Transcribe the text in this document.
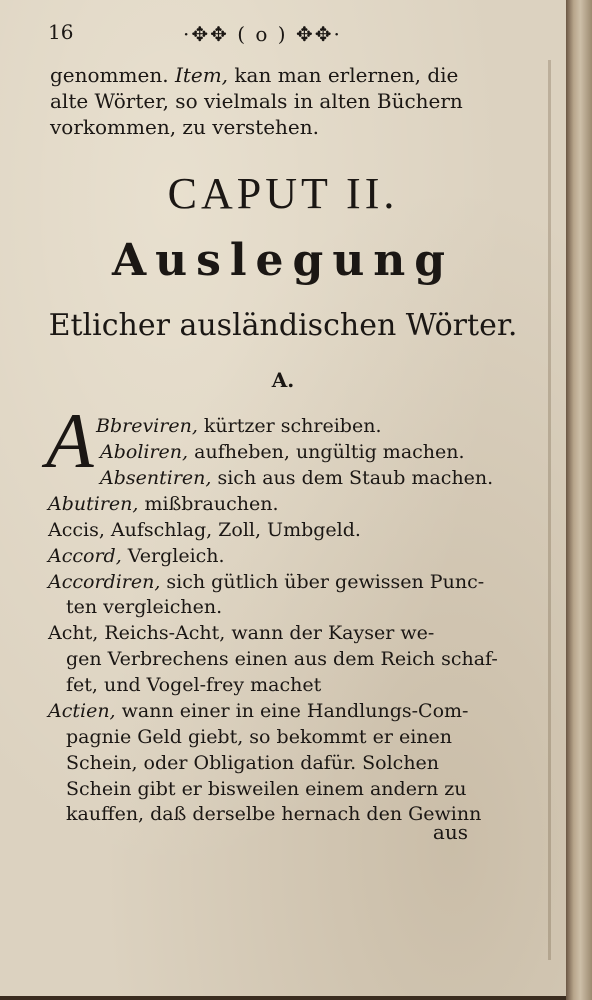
16	·✥✥ ( o ) ✥✥·
genommen. Item, kan man erlernen, die
alte Wörter, so vielmals in alten Büchern
vorkommen, zu verstehen.
CAPUT II.
Auslegung
Etlicher ausländischen Wörter.
A.
A Bbreviren, kürtzer schreiben.
Aboliren, aufheben, ungültig machen.
Absentiren, sich aus dem Staub machen.
Abutiren, mißbrauchen.
Accis, Aufschlag, Zoll, Umbgeld.
Accord, Vergleich.
Accordiren, sich gütlich über gewissen Punc-
ten vergleichen.
Acht, Reichs-Acht, wann der Kayser we-
gen Verbrechens einen aus dem Reich schaf-
fet, und Vogel-frey machet
Actien, wann einer in eine Handlungs-Com-
pagnie Geld giebt, so bekommt er einen
Schein, oder Obligation dafür. Solchen
Schein gibt er bisweilen einem andern zu
kauffen, daß derselbe hernach den Gewinn
aus
